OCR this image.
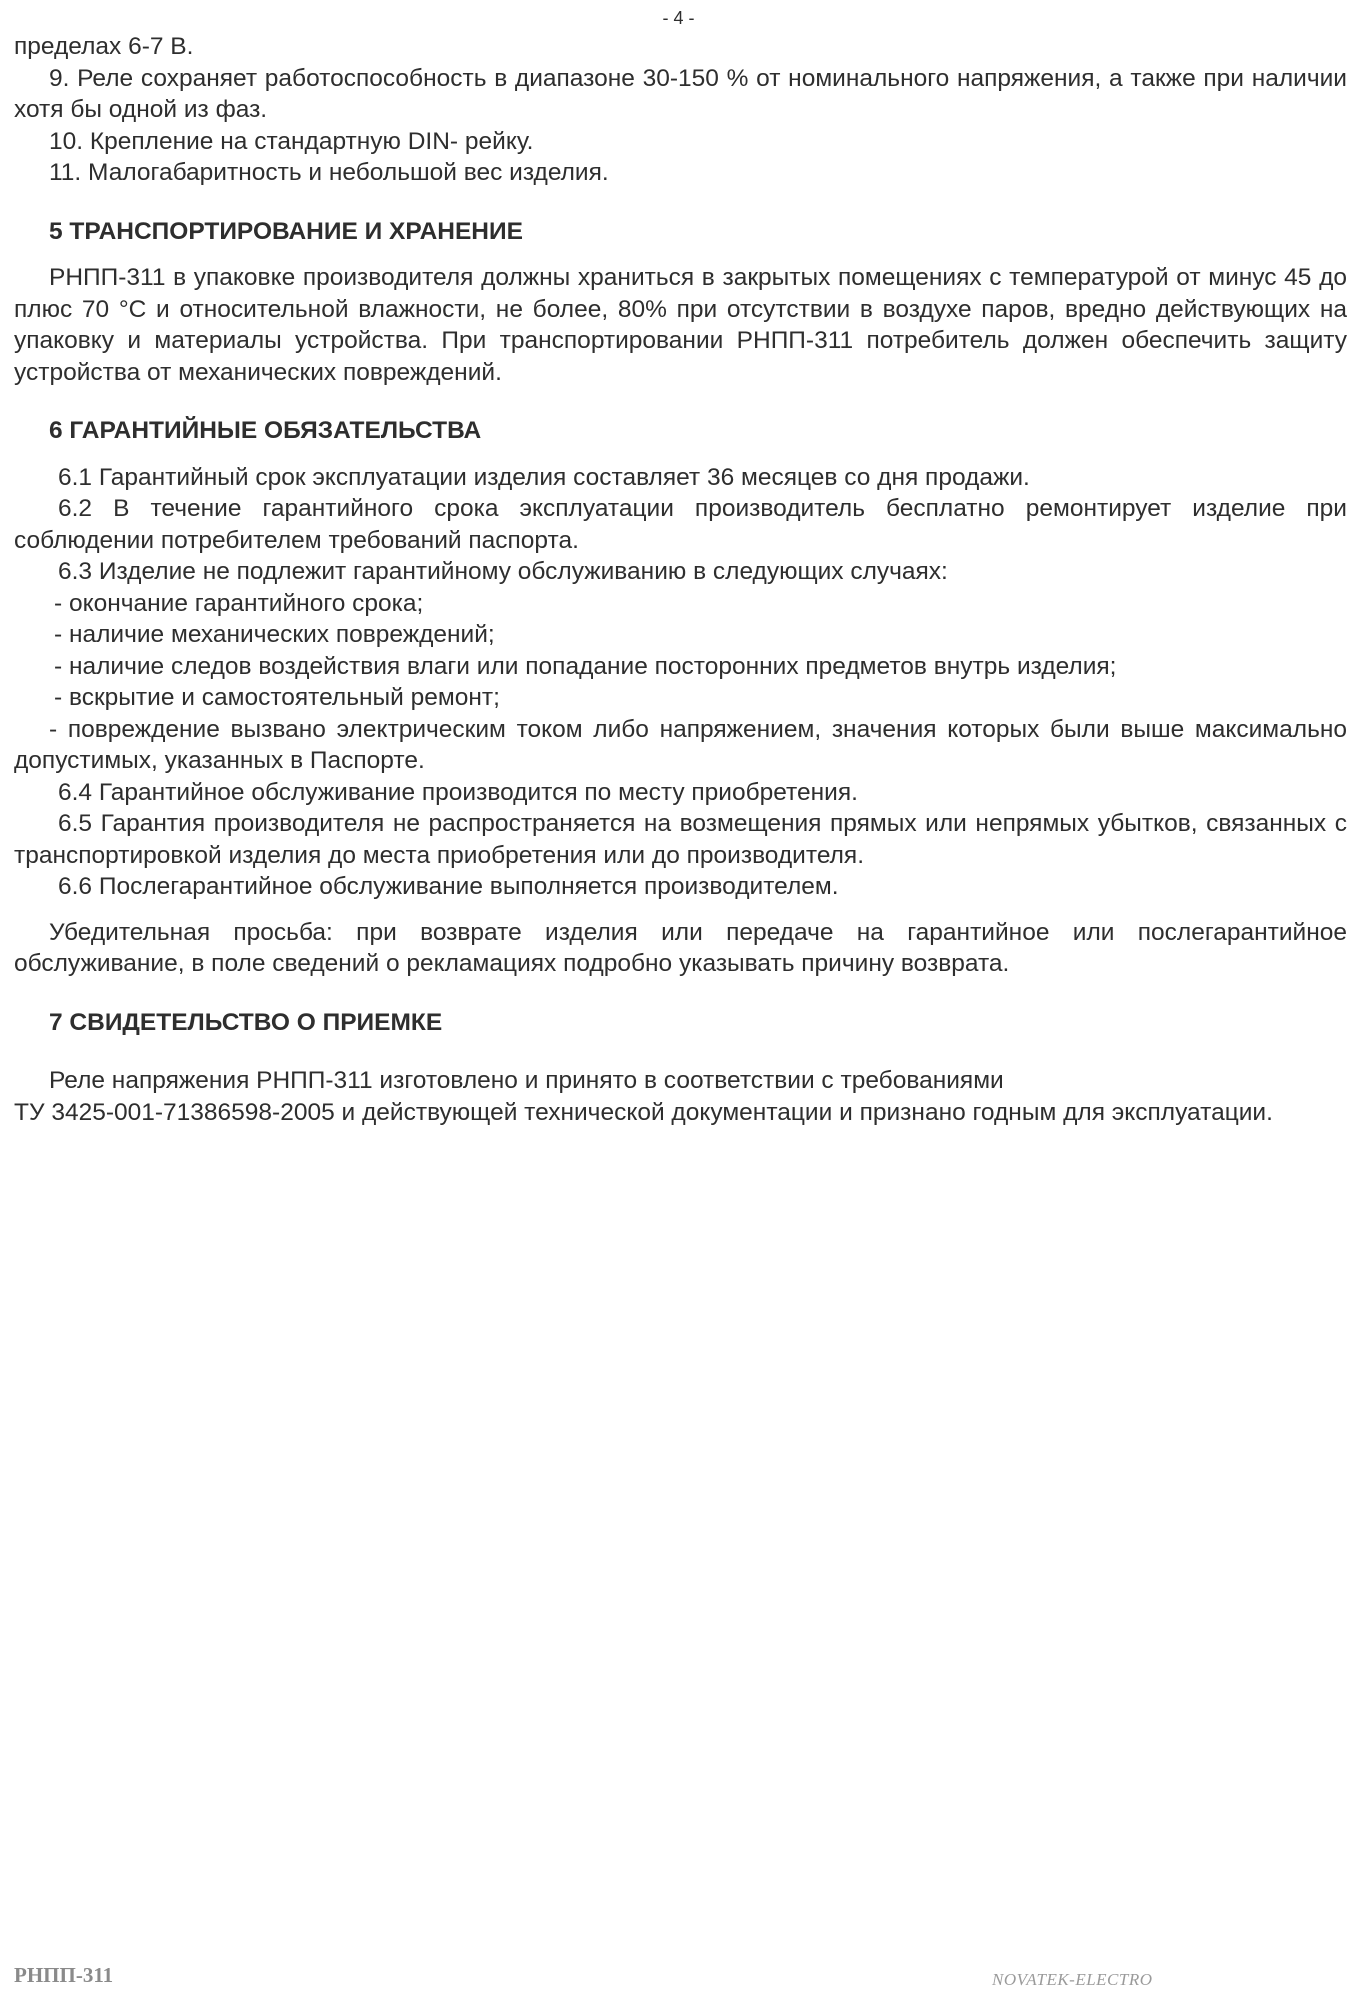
- 4 -

пределах 6-7 В.

9. Реле сохраняет работоспособность в диапазоне 30-150 % от номинального напряжения, а также при наличии хотя бы одной из фаз.

10. Крепление на стандартную DIN- рейку.

11. Малогабаритность и небольшой вес изделия.

5 ТРАНСПОРТИРОВАНИЕ И ХРАНЕНИЕ

РНПП-311 в упаковке производителя должны храниться в закрытых помещениях с температурой от минус 45 до плюс 70 °С и относительной влажности, не более, 80% при отсутствии в воздухе паров, вредно действующих на упаковку и материалы устройства. При транспортировании РНПП-311 потребитель должен обеспечить защиту устройства от механических повреждений.

6 ГАРАНТИЙНЫЕ ОБЯЗАТЕЛЬСТВА

6.1 Гарантийный срок эксплуатации изделия составляет 36 месяцев со дня продажи.

6.2 В течение гарантийного срока эксплуатации производитель бесплатно ремонтирует изделие при соблюдении потребителем требований паспорта.

6.3 Изделие не подлежит гарантийному обслуживанию в следующих случаях:

- окончание гарантийного срока;

- наличие механических повреждений;

- наличие следов воздействия влаги или попадание посторонних предметов внутрь изделия;

- вскрытие и самостоятельный ремонт;

- повреждение вызвано электрическим током либо напряжением, значения которых были выше максимально допустимых, указанных в Паспорте.

6.4 Гарантийное обслуживание производится по месту приобретения.

6.5 Гарантия производителя не распространяется на возмещения прямых или непрямых убытков, связанных с транспортировкой изделия до места приобретения или до производителя.

6.6 Послегарантийное обслуживание выполняется производителем.

Убедительная просьба: при возврате изделия или передаче на гарантийное или послегарантийное обслуживание, в поле сведений о рекламациях подробно указывать причину возврата.

7 СВИДЕТЕЛЬСТВО О ПРИЕМКЕ

Реле напряжения РНПП-311 изготовлено и принято в соответствии с требованиями

ТУ 3425-001-71386598-2005 и действующей технической документации и признано годным для эксплуатации.

РНПП-311	NOVATEK-ELECTRO
